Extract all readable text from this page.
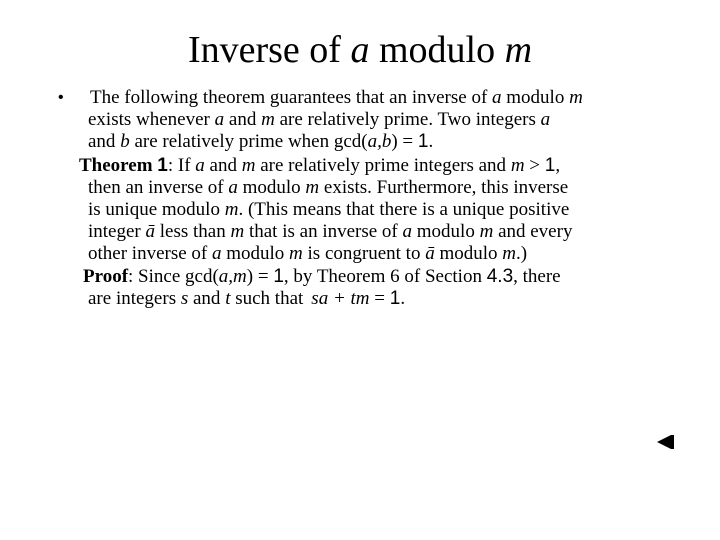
Inverse of a modulo m
• The following theorem guarantees that an inverse of a modulo m
exists whenever a and m are relatively prime. Two integers a
and b are relatively prime when gcd(a,b) = 1.
Theorem 1: If a and m are relatively prime integers and m > 1,
then an inverse of a modulo m exists. Furthermore, this inverse
is unique modulo m. (This means that there is a unique positive
integer ā less than m that is an inverse of a modulo m and every
other inverse of a modulo m is congruent to ā modulo m.)
Proof: Since gcd(a,m) = 1, by Theorem 6 of Section 4.3, there
are integers s and t such that sa + tm = 1.
